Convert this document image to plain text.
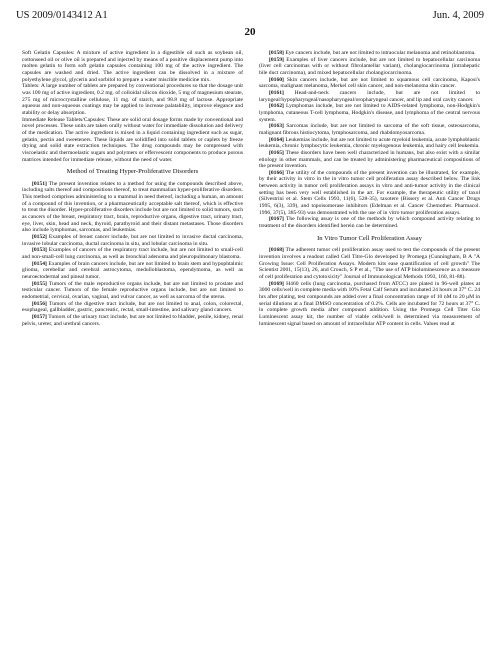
US 2009/0143412 A1	Jun. 4, 2009
20

Soft Gelatin Capsules: A mixture of active ingredient in a digestible oil such as soybean oil, cottonseed oil or olive oil is prepared and injected by means of a positive displacement pump into molten gelatin to form soft gelatin capsules containing 100 mg of the active ingredient. The capsules are washed and dried. The active ingredient can be dissolved in a mixture of polyethylene glycol, glycerin and sorbitol to prepare a water miscible medicine mix.

Tablets: A large number of tablets are prepared by conventional procedures so that the dosage unit was 100 mg of active ingredient, 0.2 mg. of colloidal silicon dioxide, 5 mg of magnesium stearate, 275 mg of microcrystalline cellulose, 11 mg. of starch, and 98.8 mg of lactose. Appropriate aqueous and non-aqueous coatings may be applied to increase palatability, improve elegance and stability or delay absorption.

Immediate Release Tablets/Capsules: These are solid oral dosage forms made by conventional and novel processes. These units are taken orally without water for immediate dissolution and delivery of the medication. The active ingredient is mixed in a liquid containing ingredient such as sugar, gelatin, pectin and sweeteners. These liquids are solidified into solid tablets or caplets by freeze drying and solid state extraction techniques. The drug compounds may be compressed with viscoelastic and thermoelastic sugars and polymers or effervescent components to produce porous matrices intended for immediate release, without the need of water.

Method of Treating Hyper-Proliferative Disorders

[0151] The present invention relates to a method for using the compounds described above, including salts thereof and compositions thereof, to treat mammalian hyper-proliferative disorders. This method comprises administering to a mammal in need thereof, including a human, an amount of a compound of this invention, or a pharmaceutically acceptable salt thereof, which is effective to treat the disorder. Hyper-proliferative disorders include but are not limited to solid tumors, such as cancers of the breast, respiratory tract, brain, reproductive organs, digestive tract, urinary tract, eye, liver, skin, head and neck, thyroid, parathyroid and their distant metastases. Those disorders also include lymphomas, sarcomas, and leukemias.

[0152] Examples of breast cancer include, but are not limited to invasive ductal carcinoma, invasive lobular carcinoma, ductal carcinoma in situ, and lobular carcinoma in situ.

[0153] Examples of cancers of the respiratory tract include, but are not limited to small-cell and non-small-cell lung carcinoma, as well as bronchial adenoma and pleuropulmonary blastoma.

[0154] Examples of brain cancers include, but are not limited to brain stem and hypophtalmic glioma, cerebellar and cerebral astrocytoma, medulloblastoma, ependymoma, as well as neuroectodermal and pineal tumor.

[0155] Tumors of the male reproductive organs include, but are not limited to prostate and testicular cancer. Tumors of the female reproductive organs include, but are not limited to endometrial, cervical, ovarian, vaginal, and vulvar cancer, as well as sarcoma of the uterus.

[0156] Tumors of the digestive tract include, but are not limited to anal, colon, colorectal, esophageal, gallbladder, gastric, pancreatic, rectal, small-intestine, and salivary gland cancers.

[0157] Tumors of the urinary tract include, but are not limited to bladder, penile, kidney, renal pelvis, ureter, and urethral cancers.

[0158] Eye cancers include, but are not limited to intraocular melanoma and retinoblastoma.

[0159] Examples of liver cancers include, but are not limited to hepatocellular carcinoma (liver cell carcinomas with or without fibrolamellar variant), cholangiocarcinoma (intrahepatic bile duct carcinoma), and mixed hepatocellular cholangiocarcinoma.

[0160] Skin cancers include, but are not limited to squamous cell carcinoma, Kaposi's sarcoma, malignant melanoma, Merkel cell skin cancer, and non-melanoma skin cancer.

[0161] Head-and-neck cancers include, but are not limited to laryngeal/hypopharyngeal/nasopharyngeal/oropharyngeal cancer, and lip and oral cavity cancer.

[0162] Lymphomas include, but are not limited to AIDS-related lymphoma, non-Hodgkin's lymphoma, cutaneous T-cell lymphoma, Hodgkin's disease, and lymphoma of the central nervous system.

[0163] Sarcomas include, but are not limited to sarcoma of the soft tissue, osteosarcoma, malignant fibrous histiocytoma, lymphosarcoma, and rhabdomyosarcoma.

[0164] Leukemias include, but are not limited to acute myeloid leukemia, acute lymphoblastic leukemia, chronic lymphocytic leukemia, chronic myelogenous leukemia, and hairy cell leukemia.

[0165] These disorders have been well characterized in humans, but also exist with a similar etiology in other mammals, and can be treated by administering pharmaceutical compositions of the present invention.

[0166] The utility of the compounds of the present invention can be illustrated, for example, by their activity in vitro in the in vitro tumor cell proliferation assay described below. The link between activity in tumor cell proliferation assays in vitro and anti-tumor activity in the clinical setting has been very well established in the art. For example, the therapeutic utility of taxol (Silvestrini et al. Stem Cells 1993, 11(6), 528-35), taxotere (Bissery et al. Anti Cancer Drugs 1995, 6(3), 339), and topoisomerase inhibitors (Edelman et al. Cancer Chemother. Pharmacol. 1996, 37(5), 385-93) was demonstrated with the use of in vitro tumor proliferation assays.

[0167] The following assay is one of the methods by which compound activity relating to treatment of the disorders identified herein can be determined.

In Vitro Tumor Cell Proliferation Assay

[0168] The adherent tumor cell proliferation assay used to test the compounds of the present invention involves a readout called Cell Titre-Glo developed by Promega (Cunningham, B A "A Growing Issue: Cell Proliferation Assays. Modern kits ease quantification of cell growth" The Scientist 2001, 15(13), 26, and Crouch, S P et al., "The use of ATP bioluminescence as a measure of cell proliferation and cytotoxicity" Journal of Immunological Methods 1993, 160, 81-88).

[0169] H460 cells (lung carcinoma, purchased from ATCC) are plated in 96-well plates at 3000 cells/well in complete media with 10% Fetal Calf Serum and incubated 24 hours at 37° C. 24 hrs after plating, test compounds are added over a final concentration range of 10 nM to 20 μM in serial dilutions at a final DMSO concentration of 0.2%. Cells are incubated for 72 hours at 37° C. in complete growth media after compound addition. Using the Promega Cell Titer Glo Luminescent assay kit, the number of viable cells/well is determined via measurement of luminescent signal based on amount of intracellular ATP content in cells. Values read at
